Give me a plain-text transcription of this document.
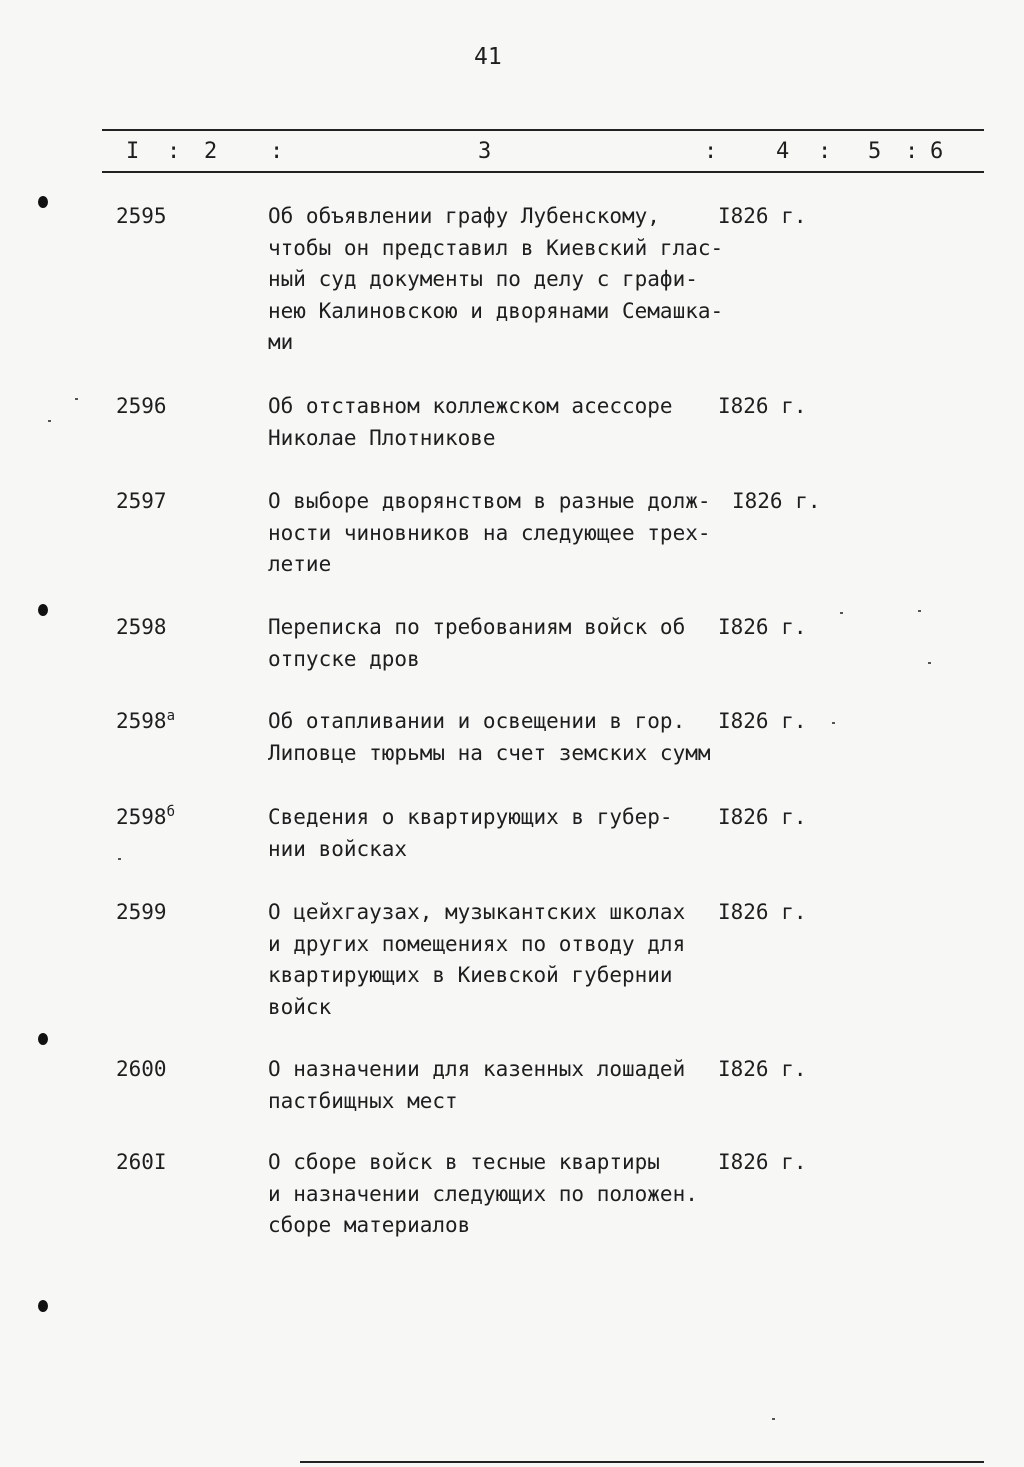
41
I : 2 :	3	:	4 : 5 : 6
2595	Об объявлении графу Лубенскому,
чтобы он представил в Киевский глас-
ный суд документы по делу с графи-
нею Калиновскою и дворянами Семашка-
ми
I826 г.
2596	Об отставном коллежском асессоре
Николае Плотникове
I826 г.
2597	О выборе дворянством в разные долж-
ности чиновников на следующее трех-
летие
I826 г.
2598	Переписка по требованиям войск об
отпуске дров
I826 г.
$2598^а$	Об отапливании и освещении в гор.
Липовце тюрьмы на счет земских сумм
I826 г.
$2598^б$	Сведения о квартирующих в губер-
нии войсках
I826 г.
2599	О цейхгаузах, музыкантских школах
и других помещениях по отводу для
квартирующих в Киевской губернии
войск
I826 г.
2600	О назначении для казенных лошадей
пастбищных мест
I826 г.
260I	О сборе войск в тесные квартиры
и назначении следующих по положен.
сборе материалов
I826 г.
